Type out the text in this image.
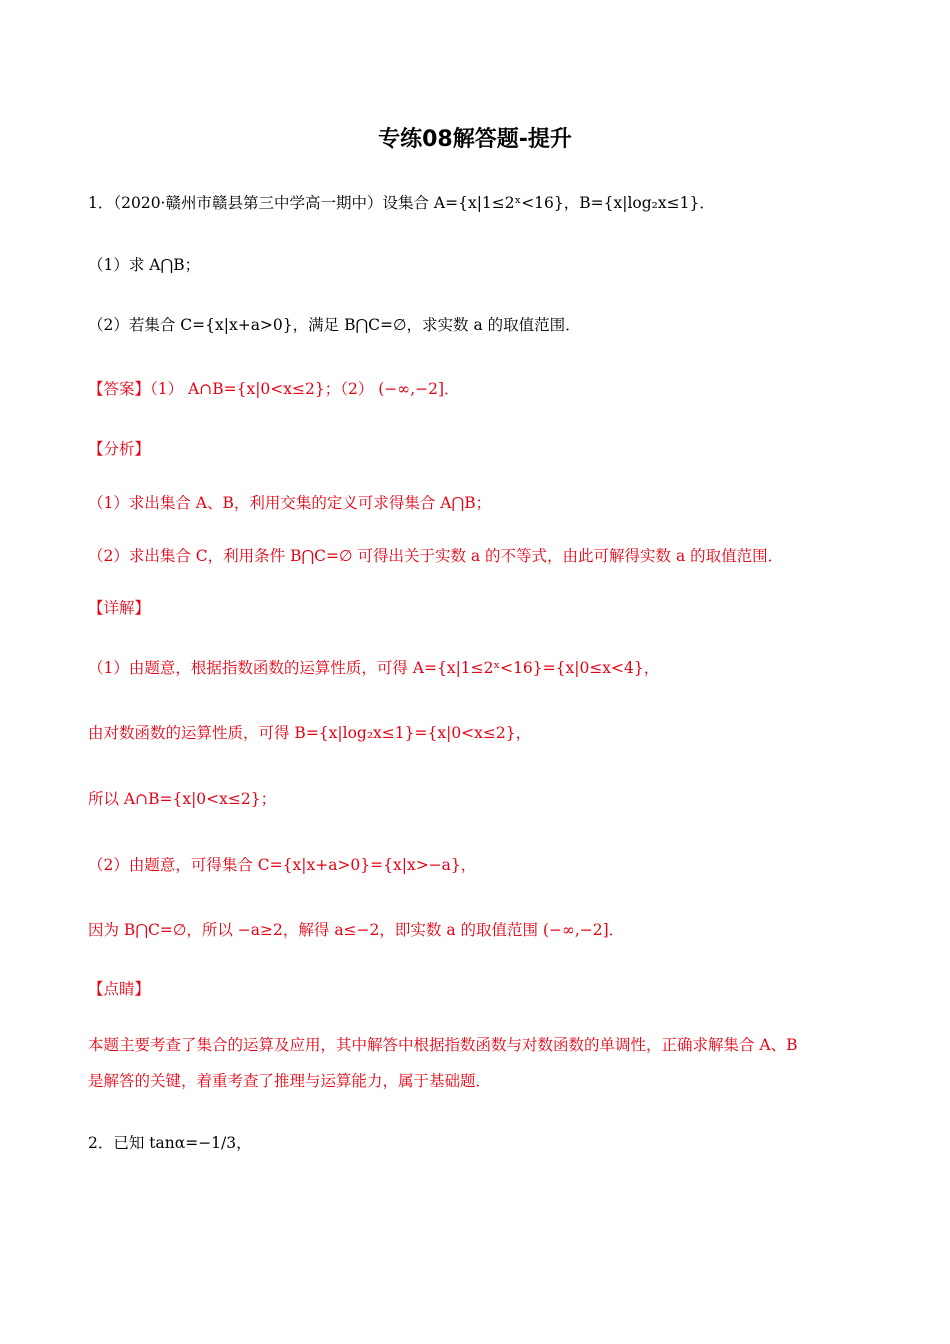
专练08解答题-提升
1．（2020·赣州市赣县第三中学高一期中）设集合 A={x|1≤2ˣ<16}，B={x|log₂x≤1}．
（1）求 A⋂B；
（2）若集合 C={x|x+a>0}，满足 B⋂C=∅，求实数 a 的取值范围．
【答案】（1） A∩B={x|0<x≤2}；（2） (−∞,−2]．
【分析】
（1）求出集合 A、B，利用交集的定义可求得集合 A⋂B；
（2）求出集合 C，利用条件 B⋂C=∅ 可得出关于实数 a 的不等式，由此可解得实数 a 的取值范围．
【详解】
（1）由题意，根据指数函数的运算性质，可得 A={x|1≤2ˣ<16}={x|0≤x<4}，
由对数函数的运算性质，可得 B={x|log₂x≤1}={x|0<x≤2}，
所以 A∩B={x|0<x≤2}；
（2）由题意，可得集合 C={x|x+a>0}={x|x>−a}，
因为 B⋂C=∅，所以 −a≥2，解得 a≤−2，即实数 a 的取值范围 (−∞,−2]．
【点睛】
本题主要考查了集合的运算及应用，其中解答中根据指数函数与对数函数的单调性，正确求解集合 A、B
是解答的关键，着重考查了推理与运算能力，属于基础题．
2．已知 tanα=−1/3，
